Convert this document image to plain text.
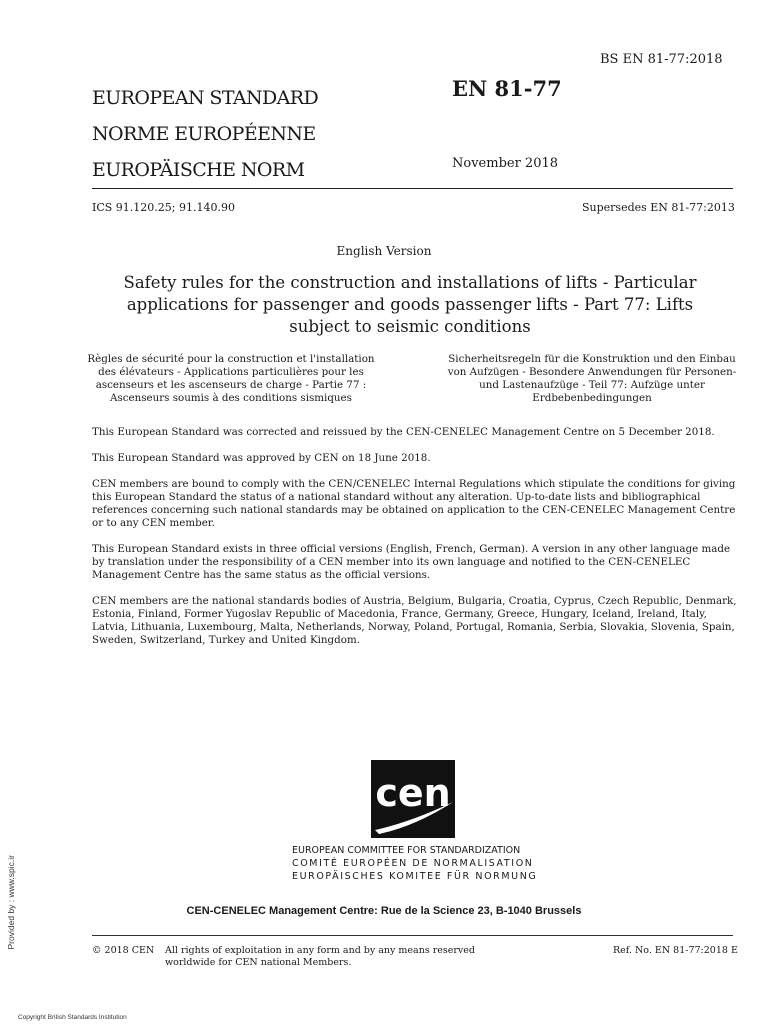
BS EN 81-77:2018
EUROPEAN STANDARD
NORME EUROPÉENNE
EUROPÄISCHE NORM
EN 81-77
November 2018
ICS 91.120.25; 91.140.90	Supersedes EN 81-77:2013
English Version
Safety rules for the construction and installations of lifts - Particular applications for passenger and goods passenger lifts - Part 77: Lifts subject to seismic conditions
Règles de sécurité pour la construction et l'installation des élévateurs - Applications particulières pour les ascenseurs et les ascenseurs de charge - Partie 77 : Ascenseurs soumis à des conditions sismiques
Sicherheitsregeln für die Konstruktion und den Einbau von Aufzügen - Besondere Anwendungen für Personen- und Lastenaufzüge - Teil 77: Aufzüge unter Erdbebenbedingungen

This European Standard was corrected and reissued by the CEN-CENELEC Management Centre on 5 December 2018.

This European Standard was approved by CEN on 18 June 2018.

CEN members are bound to comply with the CEN/CENELEC Internal Regulations which stipulate the conditions for giving this European Standard the status of a national standard without any alteration. Up-to-date lists and bibliographical references concerning such national standards may be obtained on application to the CEN-CENELEC Management Centre or to any CEN member.

This European Standard exists in three official versions (English, French, German). A version in any other language made by translation under the responsibility of a CEN member into its own language and notified to the CEN-CENELEC Management Centre has the same status as the official versions.

CEN members are the national standards bodies of Austria, Belgium, Bulgaria, Croatia, Cyprus, Czech Republic, Denmark, Estonia, Finland, Former Yugoslav Republic of Macedonia, France, Germany, Greece, Hungary, Iceland, Ireland, Italy, Latvia, Lithuania, Luxembourg, Malta, Netherlands, Norway, Poland, Portugal, Romania, Serbia, Slovakia, Slovenia, Spain, Sweden, Switzerland, Turkey and United Kingdom.

cen
EUROPEAN COMMITTEE FOR STANDARDIZATION
COMITÉ EUROPÉEN DE NORMALISATION
EUROPÄISCHES KOMITEE FÜR NORMUNG
CEN-CENELEC Management Centre: Rue de la Science 23, B-1040 Brussels
© 2018 CEN All rights of exploitation in any form and by any means reserved worldwide for CEN national Members.
Ref. No. EN 81-77:2018 E
Provided by : www.spic.ir
Copyright British Standards Institution
